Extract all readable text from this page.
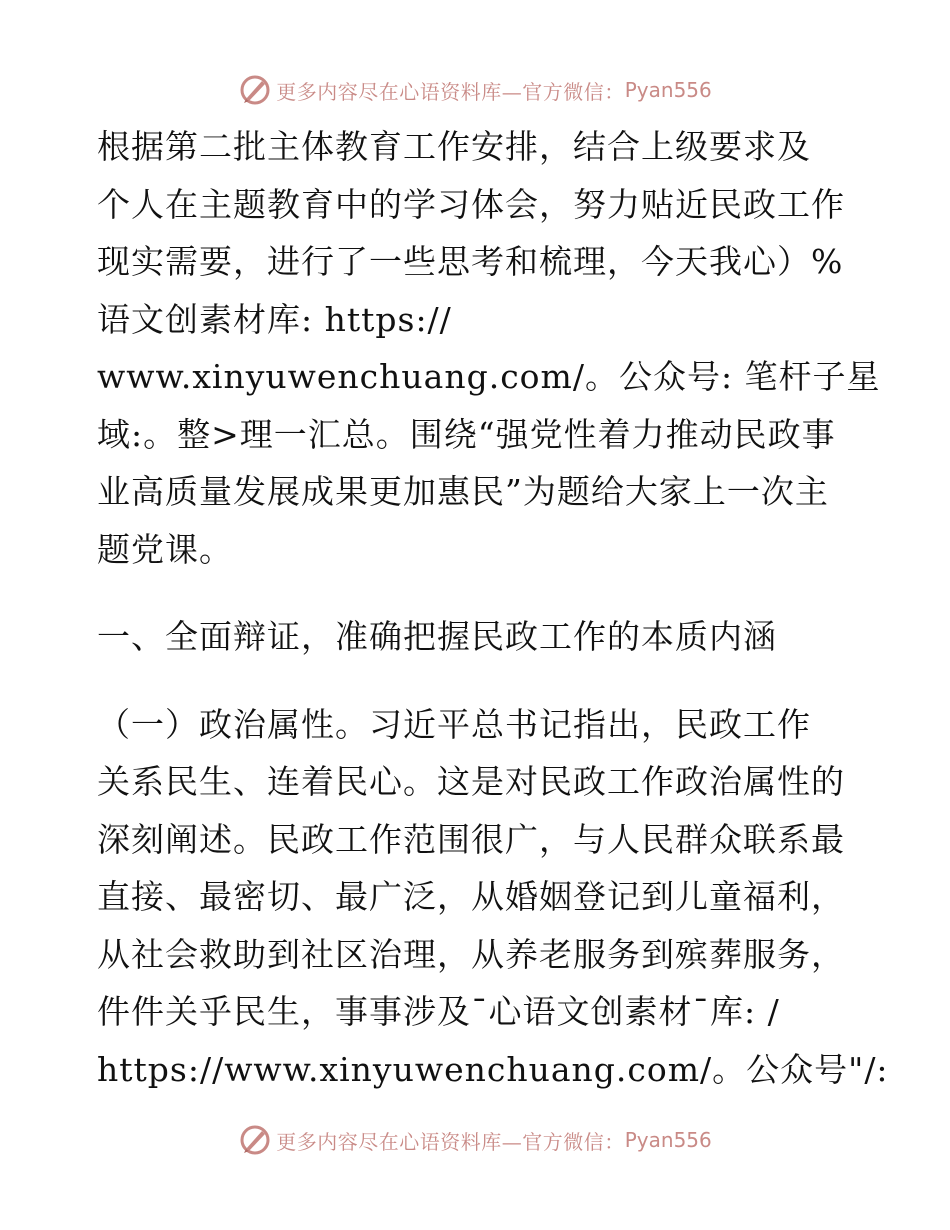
更多内容尽在心语资料库—官方微信： Pyan556
根据第二批主体教育工作安排，结合上级要求及
个人在主题教育中的学习体会，努力贴近民政工作
现实需要，进行了一些思考和梳理，今天我心）%
语文创素材库: https://
www.xinyuwenchuang.com/。公众号: 笔杆子星
域:。整>理一汇总。围绕“强党性着力推动民政事
业高质量发展成果更加惠民”为题给大家上一次主
题党课。
一、全面辩证，准确把握民政工作的本质内涵
（一）政治属性。习近平总书记指出，民政工作
关系民生、连着民心。这是对民政工作政治属性的
深刻阐述。民政工作范围很广，与人民群众联系最
直接、最密切、最广泛，从婚姻登记到儿童福利，
从社会救助到社区治理，从养老服务到殡葬服务，
件件关乎民生，事事涉及¯心语文创素材¯库: /
https://www.xinyuwenchuang.com/。公众号"/:
更多内容尽在心语资料库—官方微信： Pyan556
